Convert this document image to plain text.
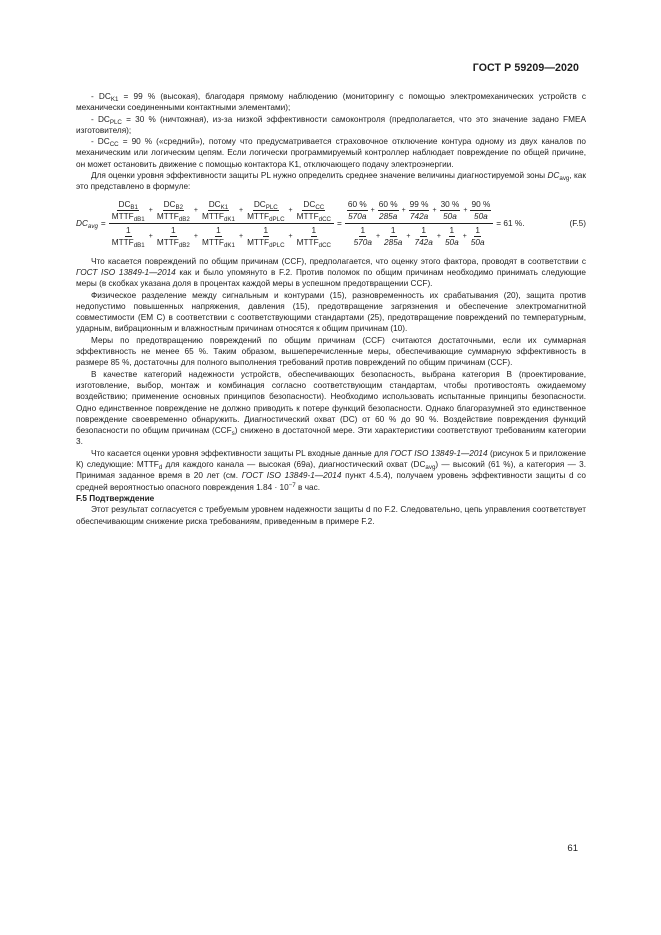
ГОСТ Р 59209—2020

- $DC_{K1} = 99$ % (высокая), благодаря прямому наблюдению (мониторингу с помощью электромеханических устройств с механически соединенными контактными элементами);

- $DC_{PLC} = 30$ % (ничтожная), из-за низкой эффективности самоконтроля (предполагается, что это значение задано FMEA изготовителя);

- $DC_{CC} = 90$ % («средний»), потому что предусматривается страховочное отключение контура одному из двух каналов по механическим или логическим цепям. Если логически программируемый контроллер наблюдает повреждение по общей причине, он может остановить движение с помощью контактора K1, отключающего подачу электроэнергии.

Для оценки уровня эффективности защиты PL нужно определить среднее значение величины диагностируемой зоны $DC_{avg}$, как это представлено в формуле:

$DC_{avg}$ =
$DC_{B1}$
$MTTF_{dB1}$
+
$DC_{B2}$
$MTTF_{dB2}$
+
$DC_{K1}$
$MTTF_{dK1}$
+
$DC_{PLC}$
$MTTF_{dPLC}$
+
$DC_{CC}$
$MTTF_{dCC}$
1
$MTTF_{dB1}$
+
1
$MTTF_{dB2}$
+
1
$MTTF_{dK1}$
+
1
$MTTF_{dPLC}$
+
1
$MTTF_{dCC}$
=
60 %
570a
+ $\frac{60 \%}{285a} + \frac{99 \%}{742a} + \frac{30 \%}{50a} + \frac{90 \%}{50a}$
1
570a
+ $\frac{1}{285a} + \frac{1}{742a} + \frac{1}{50a} + \frac{1}{50a}$
= 61 %.	(F.5)

Что касается повреждений по общим причинам (CCF), предполагается, что оценку этого фактора, проводят в соответствии с ГОСТ ISO 13849-1—2014 как и было упомянуто в F.2. Против поломок по общим причинам необходимо принимать следующие меры (в скобках указана доля в процентах каждой меры в успешном предотвращении CCF).

Физическое разделение между сигнальным и контурами (15), разновременность их срабатывания (20), защита против недопустимо повышенных напряжения, давления (15), предотвращение загрязнения и обеспечение электромагнитной совместимости (ЕМ С) в соответствии с соответствующими стандартами (25), предотвращение повреждений по температурным, ударным, вибрационным и влажностным причинам относятся к общим причинам (10).

Меры по предотвращению повреждений по общим причинам (CCF) считаются достаточными, если их суммарная эффективность не менее 65 %. Таким образом, вышеперечисленные меры, обеспечивающие суммарную эффективность в размере 85 %, достаточны для полного выполнения требований против повреждений по общим причинам (CCF).

В качестве категорий надежности устройств, обеспечивающих безопасность, выбрана категория В (проектирование, изготовление, выбор, монтаж и комбинация согласно соответствующим стандартам, чтобы противостоять ожидаемому воздействию; применение основных принципов безопасности). Необходимо использовать испытанные принципы безопасности. Одно единственное повреждение не должно приводить к потере функций безопасности. Однако благоразумней это единственное повреждение своевременно обнаружить. Диагностический охват (DC) от 60 % до 90 %. Воздействие повреждения функций безопасности по общим причинам $(CCF_s)$ снижено в достаточной мере. Эти характеристики соответствуют требованиям категории 3.

Что касается оценки уровня эффективности защиты PL входные данные для ГОСТ ISO 13849-1—2014 (рисунок 5 и приложение К) следующие: $MTTF_d$ для каждого канала — высокая (69a), диагностический охват $(DC_{avg})$ — высокий (61 %), а категория — 3. Принимая заданное время в 20 лет (см. ГОСТ ISO 13849-1—2014 пункт 4.5.4), получаем уровень эффективности защиты d со средней вероятностью опасного повреждения $1.84 \cdot 10^{-7}$ в час.

F.5 Подтверждение

Этот результат согласуется с требуемым уровнем надежности защиты d по F.2. Следовательно, цепь управления соответствует обеспечивающим снижение риска требованиям, приведенным в примере F.2.

61
